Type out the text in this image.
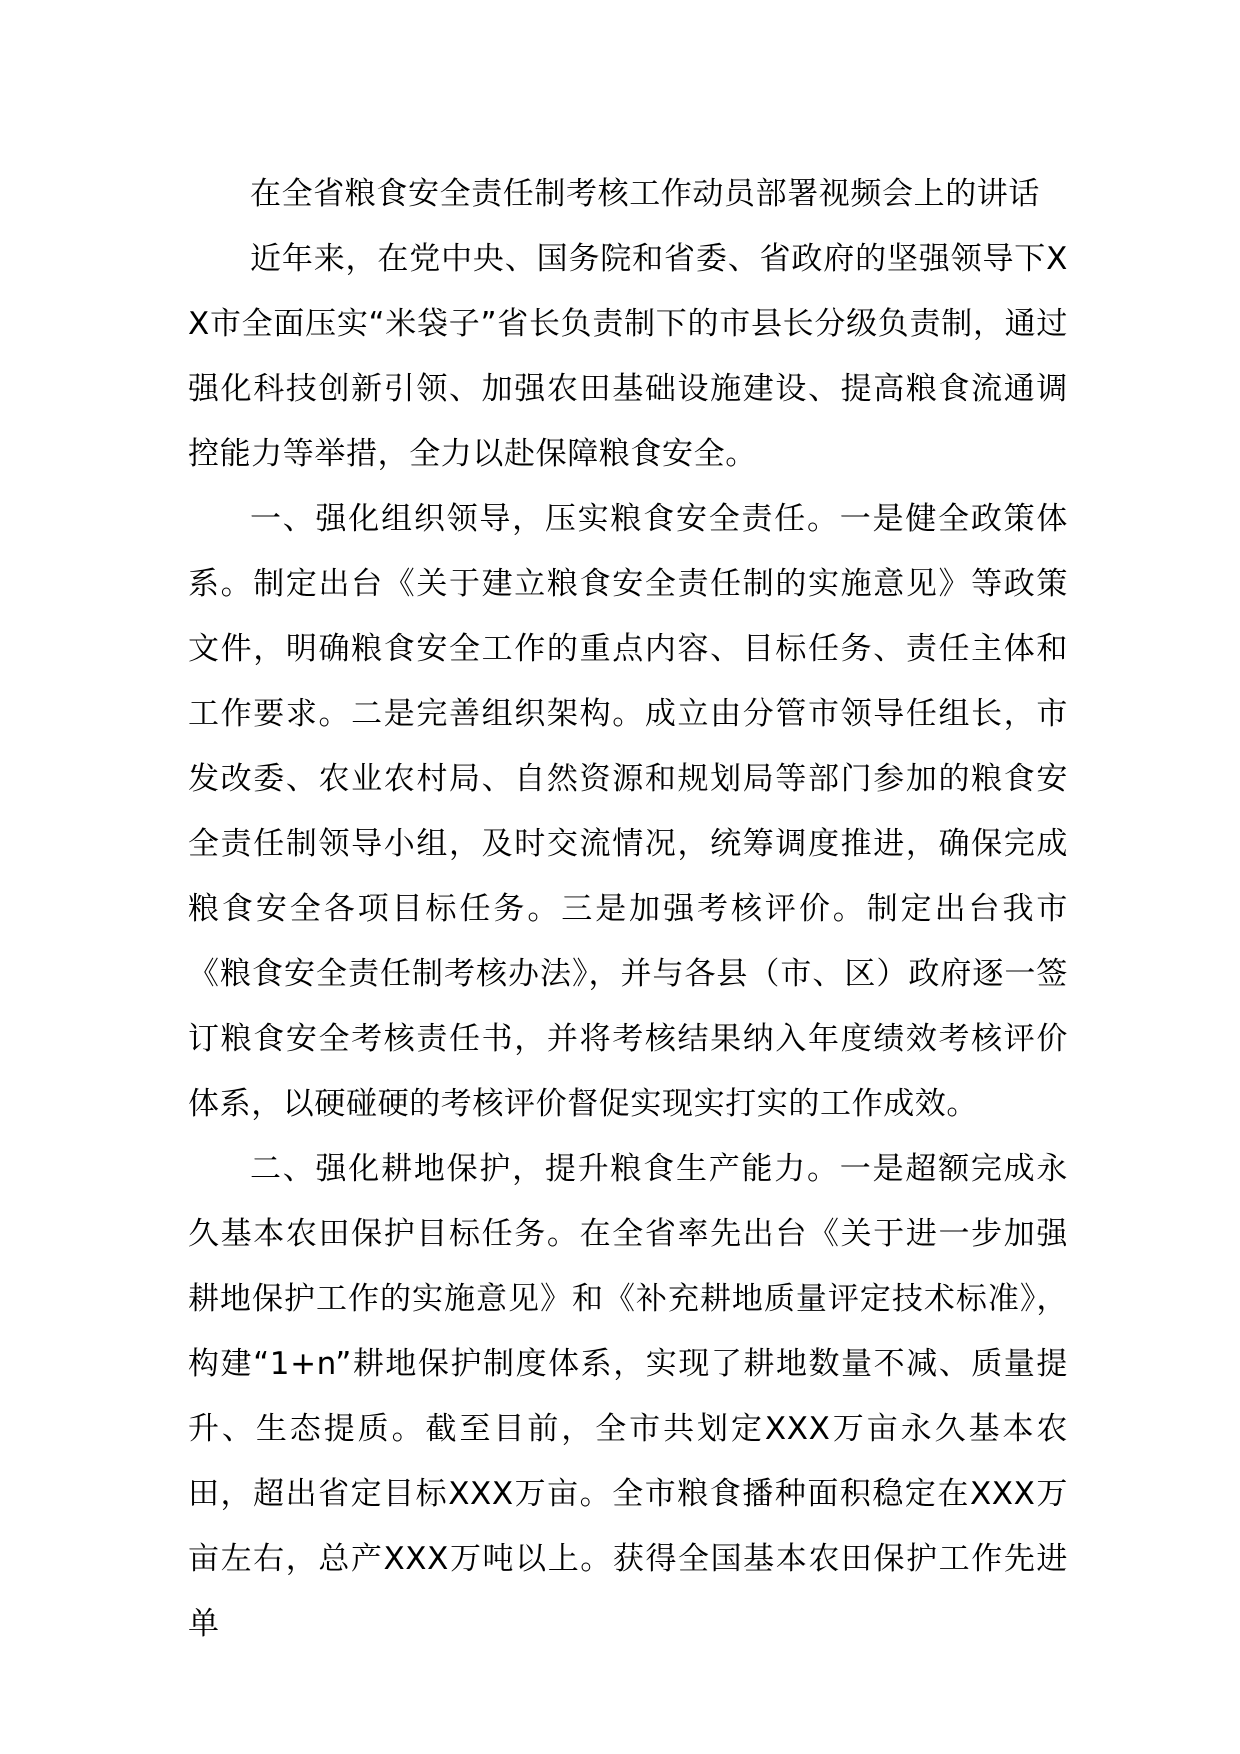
在全省粮食安全责任制考核工作动员部署视频会上的讲话

近年来，在党中央、国务院和省委、省政府的坚强领导下XX市全面压实“米袋子”省长负责制下的市县长分级负责制，通过强化科技创新引领、加强农田基础设施建设、提高粮食流通调控能力等举措，全力以赴保障粮食安全。

一、强化组织领导，压实粮食安全责任。一是健全政策体系。制定出台《关于建立粮食安全责任制的实施意见》等政策文件，明确粮食安全工作的重点内容、目标任务、责任主体和工作要求。二是完善组织架构。成立由分管市领导任组长，市发改委、农业农村局、自然资源和规划局等部门参加的粮食安全责任制领导小组，及时交流情况，统筹调度推进，确保完成粮食安全各项目标任务。三是加强考核评价。制定出台我市《粮食安全责任制考核办法》，并与各县（市、区）政府逐一签订粮食安全考核责任书，并将考核结果纳入年度绩效考核评价体系，以硬碰硬的考核评价督促实现实打实的工作成效。

二、强化耕地保护，提升粮食生产能力。一是超额完成永久基本农田保护目标任务。在全省率先出台《关于进一步加强耕地保护工作的实施意见》和《补充耕地质量评定技术标准》，构建“1+n”耕地保护制度体系，实现了耕地数量不减、质量提升、生态提质。截至目前，全市共划定XXX万亩永久基本农田，超出省定目标XXX万亩。全市粮食播种面积稳定在XXX万亩左右，总产XXX万吨以上。获得全国基本农田保护工作先进单
